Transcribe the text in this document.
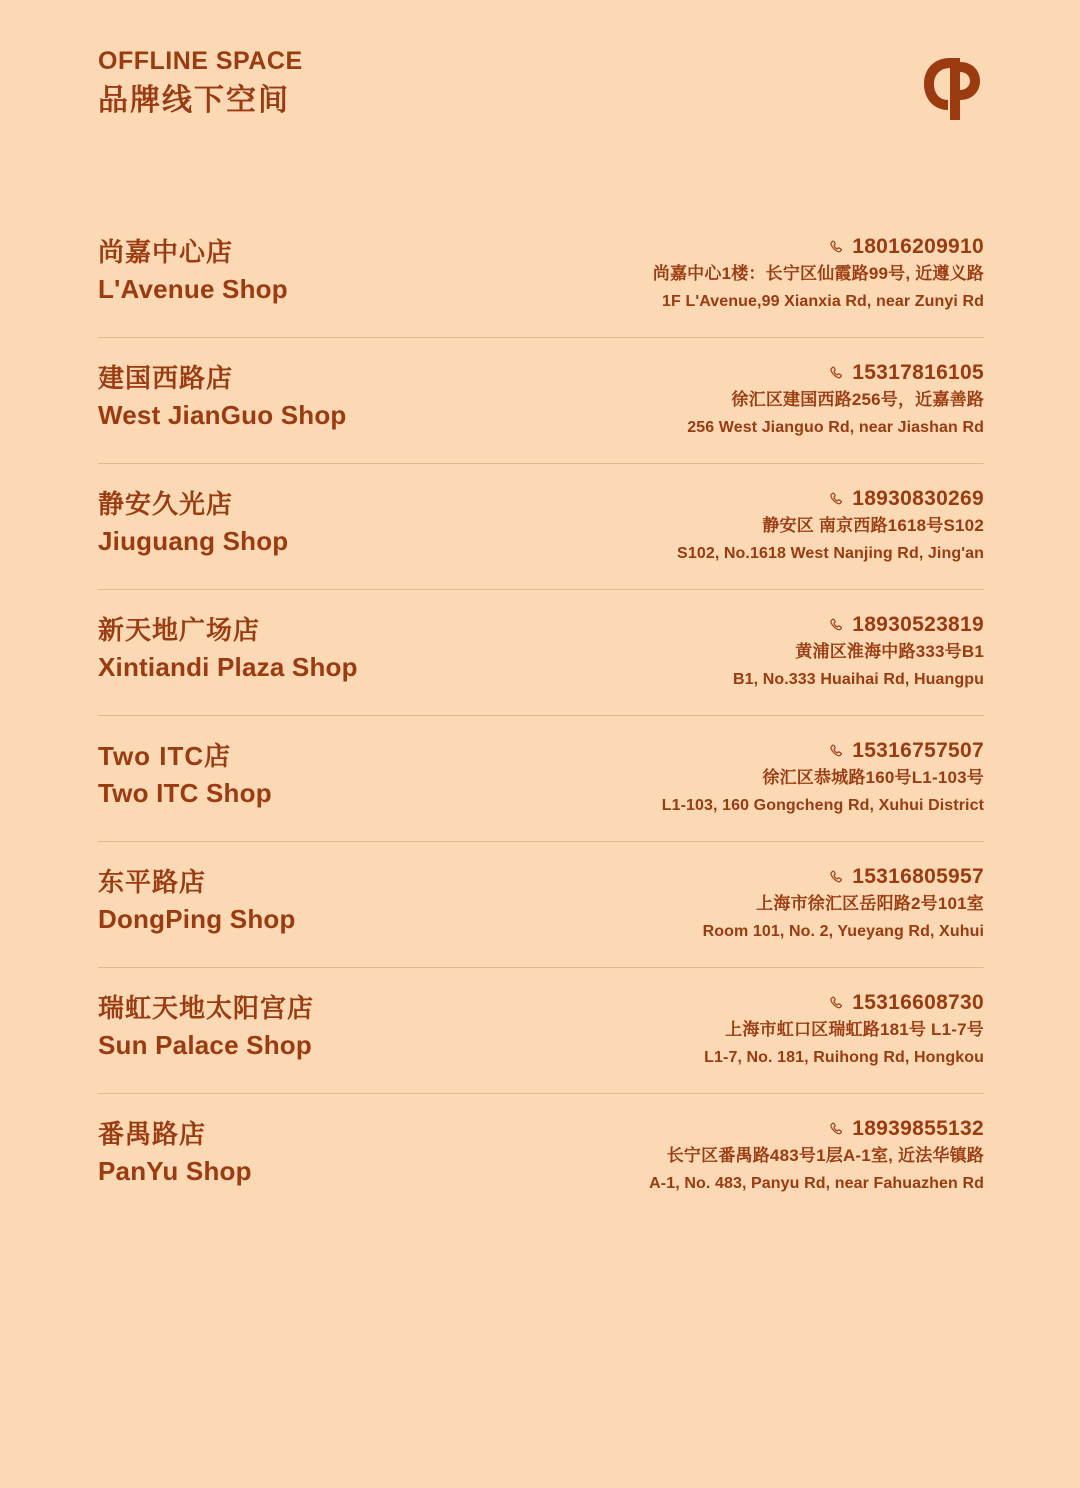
OFFLINE SPACE
品牌线下空间
尚嘉中心店
L'Avenue Shop
18016209910
尚嘉中心1楼：长宁区仙霞路99号, 近遵义路
1F L'Avenue,99 Xianxia Rd, near Zunyi Rd
建国西路店
West JianGuo Shop
15317816105
徐汇区建国西路256号，近嘉善路
256 West Jianguo Rd, near Jiashan Rd
静安久光店
Jiuguang Shop
18930830269
静安区 南京西路1618号S102
S102, No.1618 West Nanjing Rd, Jing'an
新天地广场店
Xintiandi Plaza Shop
18930523819
黄浦区淮海中路333号B1
B1, No.333 Huaihai Rd, Huangpu
Two ITC店
Two ITC Shop
15316757507
徐汇区恭城路160号L1-103号
L1-103, 160 Gongcheng Rd, Xuhui District
东平路店
DongPing Shop
15316805957
上海市徐汇区岳阳路2号101室
Room 101, No. 2, Yueyang Rd, Xuhui
瑞虹天地太阳宫店
Sun Palace Shop
15316608730
上海市虹口区瑞虹路181号 L1-7号
L1-7, No. 181, Ruihong Rd, Hongkou
番禺路店
PanYu Shop
18939855132
长宁区番禺路483号1层A-1室, 近法华镇路
A-1, No. 483, Panyu Rd, near Fahuazhen Rd
